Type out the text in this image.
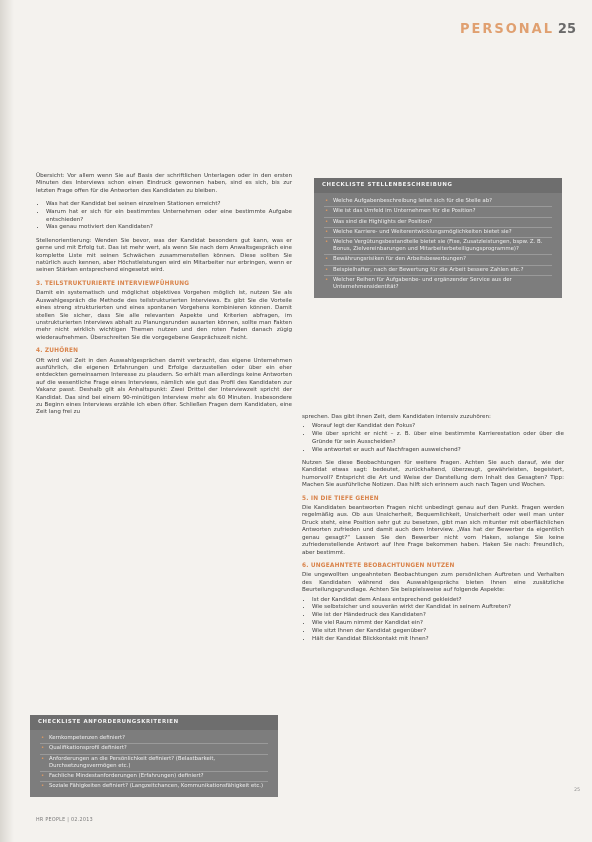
PERSONAL 25

Übersicht: Vor allem wenn Sie auf Basis der schriftlichen Unterlagen oder in den ersten Minuten des Interviews schon einen Eindruck gewonnen haben, sind es sich, bis zur letzten Frage offen für die Antworten des Kandidaten zu bleiben.

• Was hat der Kandidat bei seinen einzelnen Stationen erreicht?
• Warum hat er sich für ein bestimmtes Unternehmen oder eine bestimmte Aufgabe entschieden?
• Was genau motiviert den Kandidaten?

Stellenorientierung: Wenden Sie bevor, was der Kandidat besonders gut kann, was er gerne und mit Erfolg tut. Das ist mehr wert, als wenn Sie nach dem Anwaltsgespräch eine komplette Liste mit seinen Schwächen zusammenstellen können. Diese sollten Sie natürlich auch kennen, aber Höchstleistungen wird ein Mitarbeiter nur erbringen, wenn er seinen Stärken entsprechend eingesetzt wird.

3. TEILSTRUKTURIERTE INTERVIEWFÜHRUNG

Damit ein systematisch und möglichst objektives Vorgehen möglich ist, nutzen Sie als Auswahlgespräch die Methode des teilstrukturierten Interviews. Es gibt Sie die Vorteile eines streng strukturierten und eines spontanen Vorgehens kombinieren können. Damit stellen Sie sicher, dass Sie alle relevanten Aspekte und Kriterien abfragen, im unstrukturierten Interviews abhalt zu Planungsrunden ausarten können, sollte man Fakten mehr nicht wirklich wichtigen Themen nutzen und den roten Faden danach zügig wiederaufnehmen. Überschreiten Sie die vorgegebene Gesprächszeit nicht.

4. ZUHÖREN

Oft wird viel Zeit in den Auswahlgesprächen damit verbracht, das eigene Unternehmen ausführlich, die eigenen Erfahrungen und Erfolge darzustellen oder über ein eher entdeckten gemeinsamen Interesse zu plaudern. So erhält man allerdings keine Antworten auf die wesentliche Frage eines Interviews, nämlich wie gut das Profil des Kandidaten zur Vakanz passt. Deshalb gilt als Anhaltspunkt: Zwei Drittel der Interviewzeit spricht der Kandidat. Das sind bei einem 90-minütigen Interview mehr als 60 Minuten. Insbesondere zu Beginn eines Interviews erzähle ich eben öfter. Schließen Fragen dem Kandidaten, eine Zeit lang frei zu

sprechen. Das gibt ihnen Zeit, dem Kandidaten intensiv zuzuhören:

• Worauf legt der Kandidat den Fokus?
• Wie über spricht er nicht – z. B. über eine bestimmte Karrierestation oder über die Gründe für sein Ausscheiden?
• Wie antwortet er auch auf Nachfragen ausweichend?

Nutzen Sie diese Beobachtungen für weitere Fragen. Achten Sie auch darauf, wie der Kandidat etwas sagt: bedeutet, zurückhaltend, überzeugt, gewährleisten, begeistert, humorvoll? Entspricht die Art und Weise der Darstellung dem Inhalt des Gesagten? Tipp: Machen Sie ausführliche Notizen. Das hilft sich erinnern auch nach Tagen und Wochen.

5. IN DIE TIEFE GEHEN

Die Kandidaten beantworten Fragen nicht unbedingt genau auf den Punkt. Fragen werden regelmäßig aus. Ob aus Unsicherheit, Bequemlichkeit, Unsicherheit oder weil man unter Druck steht, eine Position sehr gut zu besetzen, gibt man sich mitunter mit oberflächlichen Antworten zufrieden und damit auch dem Interview. „Was hat der Bewerber da eigentlich genau gesagt?“ Lassen Sie den Bewerber nicht vom Haken, solange Sie keine zufriedenstellende Antwort auf Ihre Frage bekommen haben. Haken Sie nach: Freundlich, aber bestimmt.

6. UNGEAHNTETE BEOBACHTUNGEN NUTZEN

Die ungewollten ungeahnteten Beobachtungen zum persönlichen Auftreten und Verhalten des Kandidaten während des Auswahlgesprächs bieten Ihnen eine zusätzliche Beurteilungsgrundlage. Achten Sie beispielsweise auf folgende Aspekte:

• Ist der Kandidat dem Anlass entsprechend gekleidet?
• Wie selbstsicher und souverän wirkt der Kandidat in seinem Auftreten?
• Wie ist der Händedruck des Kandidaten?
• Wie viel Raum nimmt der Kandidat ein?
• Wie sitzt Ihnen der Kandidat gegenüber?
• Hält der Kandidat Blickkontakt mit Ihnen?
CHECKLISTE STELLENBESCHREIBUNG
• Welche Aufgabenbeschreibung leitet sich für die Stelle ab?
• Wie ist das Umfeld im Unternehmen für die Position?
• Was sind die Highlights der Position?
• Welche Karriere- und Weiterentwicklungsmöglichkeiten bietet sie?
• Welche Vergütungsbestandteile bietet sie (Fixe, Zusatzleistungen, bspw. Z. B. Bonus, Zielvereinbarungen und Mitarbeiterbeteiligungsprogramme)?
• Bewährungsrisiken für den Arbeitsbewerbungen?
• Beispielhafter, nach der Bewertung für die Arbeit bessere Zahlen etc.?
• Welcher Reihen für Aufgabenbe- und ergänzender Service aus der Unternehmensidentität?
CHECKLISTE ANFORDERUNGSKRITERIEN
• Kernkompetenzen definiert?
• Qualifikationsprofil definiert?
• Anforderungen an die Persönlichkeit definiert? (Belastbarkeit, Durchsetzungsvermögen etc.)
• Fachliche Mindestanforderungen (Erfahrungen) definiert?
• Soziale Fähigkeiten definiert? (Langzeitchancen, Kommunikationsfähigkeit etc.)
HR PEOPLE | 02.2013
25
